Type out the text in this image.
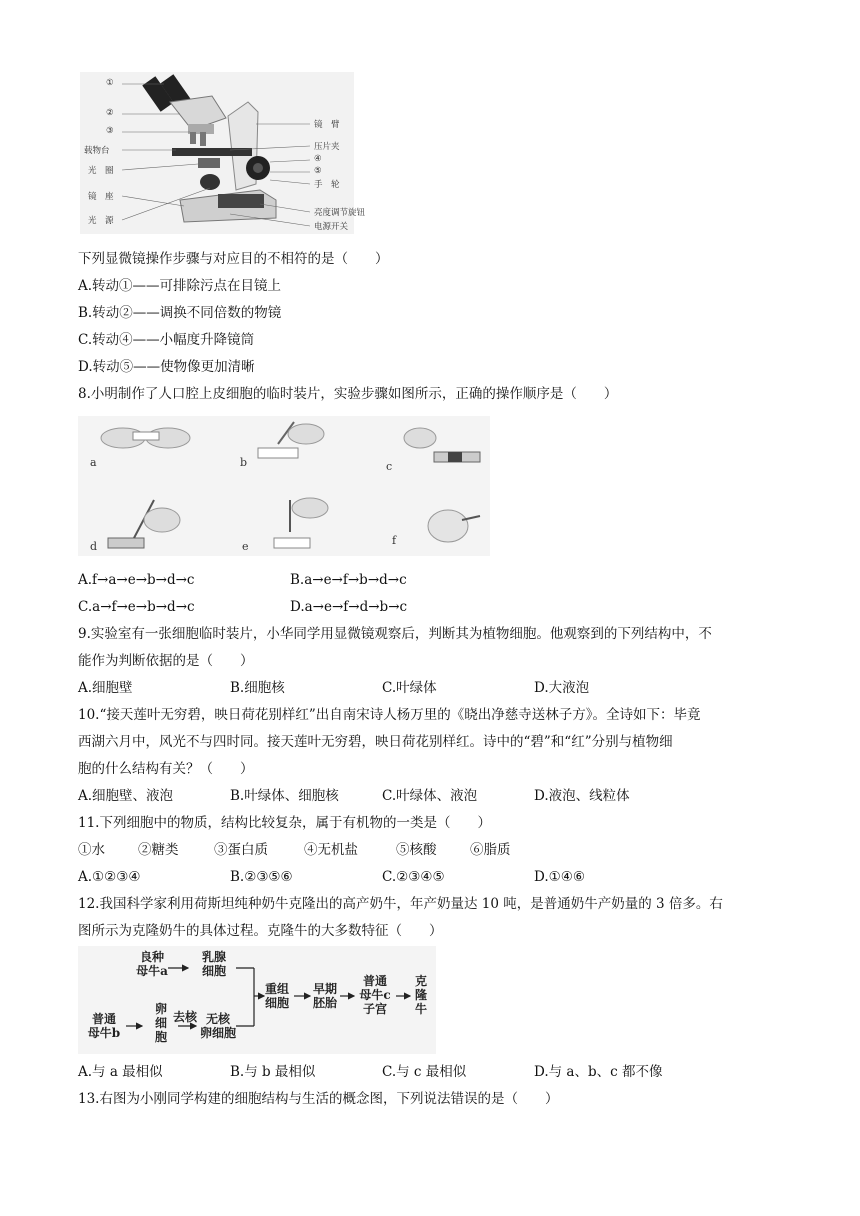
①
②
③
载物台
光　圈
镜　座
光　源
镜　臂
压片夹
④
⑤
手　轮
亮度调节旋钮
电源开关
下列显微镜操作步骤与对应目的不相符的是（　　）
A.转动①——可排除污点在目镜上
B.转动②——调换不同倍数的物镜
C.转动④——小幅度升降镜筒
D.转动⑤——使物像更加清晰
8.小明制作了人口腔上皮细胞的临时装片，实验步骤如图所示，正确的操作顺序是（　　）
a	b	c
d	e	f
A.f→a→e→b→d→c	B.a→e→f→b→d→c
C.a→f→e→b→d→c	D.a→e→f→d→b→c
9.实验室有一张细胞临时装片，小华同学用显微镜观察后，判断其为植物细胞。他观察到的下列结构中，不
能作为判断依据的是（　　）
A.细胞壁	B.细胞核	C.叶绿体	D.大液泡
10.“接天莲叶无穷碧，映日荷花别样红”出自南宋诗人杨万里的《晓出净慈寺送林子方》。全诗如下：毕竟
西湖六月中，风光不与四时同。接天莲叶无穷碧，映日荷花别样红。诗中的“碧”和“红”分别与植物细
胞的什么结构有关？（　　）
A.细胞壁、液泡	B.叶绿体、细胞核	C.叶绿体、液泡	D.液泡、线粒体
11.下列细胞中的物质，结构比较复杂，属于有机物的一类是（　　）
①水 ②糖类	③蛋白质	④无机盐	⑤核酸 ⑥脂质
A.①②③④	B.②③⑤⑥	C.②③④⑤	D.①④⑥
12.我国科学家利用荷斯坦纯种奶牛克隆出的高产奶牛，年产奶量达 10 吨，是普通奶牛产奶量的 3 倍多。右
图所示为克隆奶牛的具体过程。克隆牛的大多数特征（　　）
良种
母牛a
乳腺
细胞
普通
母牛b
卵
细
胞
去核 无核
卵细胞
重组
细胞
早期
胚胎
普通
母牛c
子宫
克
隆
牛
A.与 a 最相似	B.与 b 最相似	C.与 c 最相似	D.与 a、b、c 都不像
13.右图为小刚同学构建的细胞结构与生活的概念图，下列说法错误的是（　　）
